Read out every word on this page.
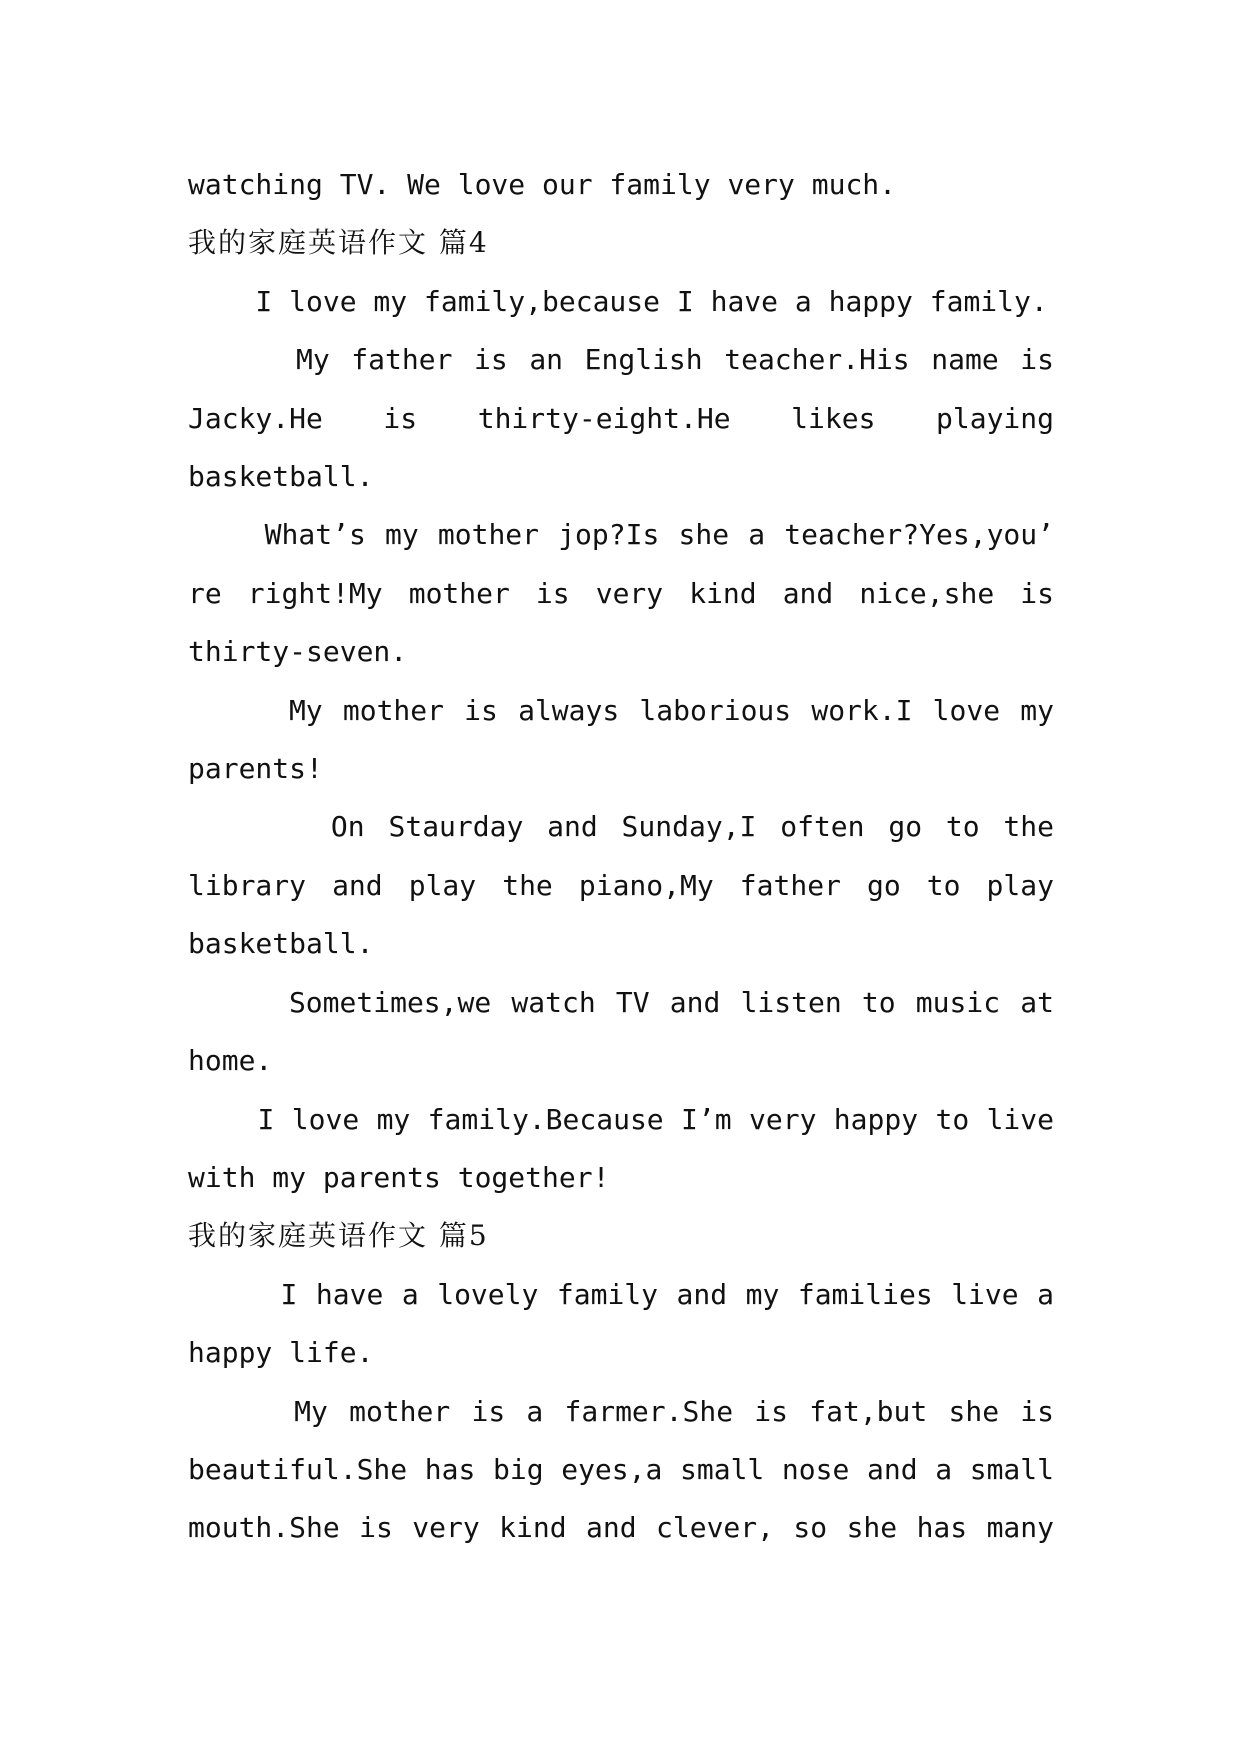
watching TV. We love our family very much.
我的家庭英语作文 篇4
I love my family,because I have a happy family.
My father is an English teacher.His name is
Jacky.He is thirty-eight.He likes playing
basketball.
What’s my mother jop?Is she a teacher?Yes,you’
re right!My mother is very kind and nice,she is
thirty-seven.
My mother is always laborious work.I love my
parents!
On Staurday and Sunday,I often go to the
library and play the piano,My father go to play
basketball.
Sometimes,we watch TV and listen to music at
home.
I love my family.Because I’m very happy to live
with my parents together!
我的家庭英语作文 篇5
I have a lovely family and my families live a
happy life.
My mother is a farmer.She is fat,but she is
beautiful.She has big eyes,a small nose and a small
mouth.She is very kind and clever, so she has many
